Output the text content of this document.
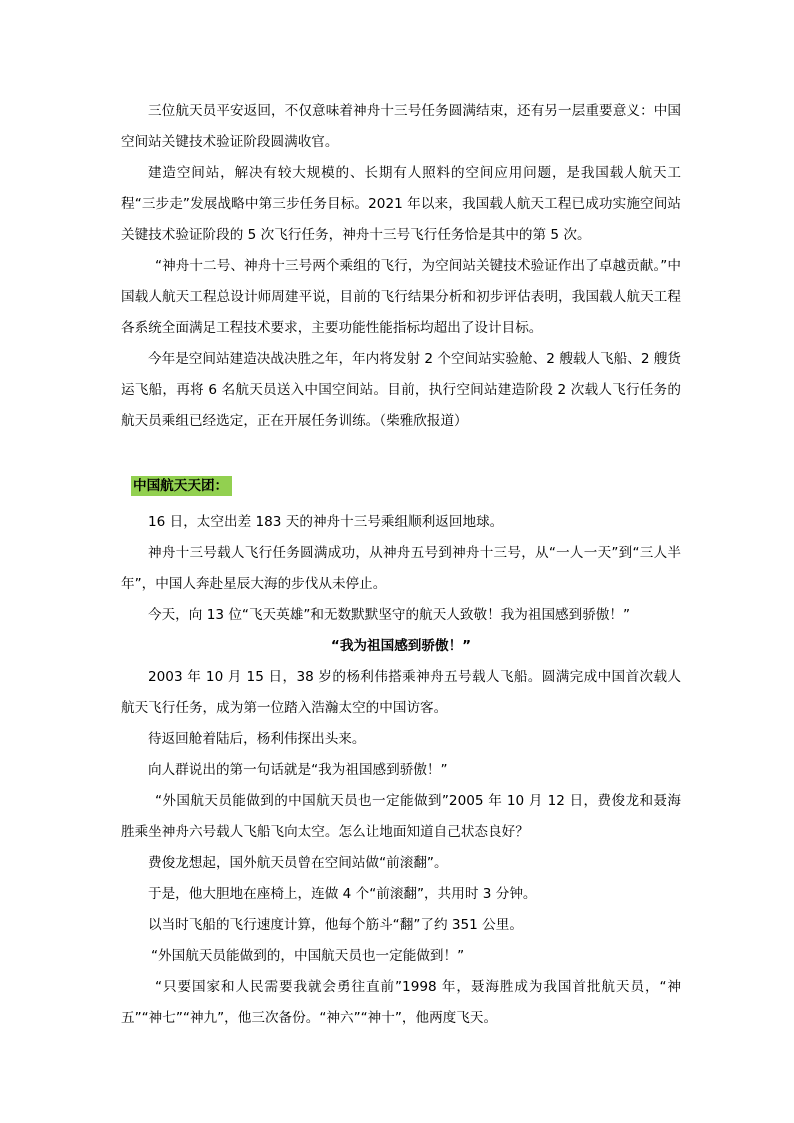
三位航天员平安返回，不仅意味着神舟十三号任务圆满结束，还有另一层重要意义：中国空间站关键技术验证阶段圆满收官。

建造空间站，解决有较大规模的、长期有人照料的空间应用问题，是我国载人航天工程“三步走”发展战略中第三步任务目标。2021 年以来，我国载人航天工程已成功实施空间站关键技术验证阶段的 5 次飞行任务，神舟十三号飞行任务恰是其中的第 5 次。

“神舟十二号、神舟十三号两个乘组的飞行，为空间站关键技术验证作出了卓越贡献。”中国载人航天工程总设计师周建平说，目前的飞行结果分析和初步评估表明，我国载人航天工程各系统全面满足工程技术要求，主要功能性能指标均超出了设计目标。

今年是空间站建造决战决胜之年，年内将发射 2 个空间站实验舱、2 艘载人飞船、2 艘货运飞船，再将 6 名航天员送入中国空间站。目前，执行空间站建造阶段 2 次载人飞行任务的航天员乘组已经选定，正在开展任务训练。（柴雅欣报道）

中国航天天团：

16 日，太空出差 183 天的神舟十三号乘组顺利返回地球。

神舟十三号载人飞行任务圆满成功，从神舟五号到神舟十三号，从“一人一天”到“三人半年”，中国人奔赴星辰大海的步伐从未停止。

今天，向 13 位“飞天英雄”和无数默默坚守的航天人致敬！我为祖国感到骄傲！”

“我为祖国感到骄傲！”

2003 年 10 月 15 日，38 岁的杨利伟搭乘神舟五号载人飞船。圆满完成中国首次载人航天飞行任务，成为第一位踏入浩瀚太空的中国访客。

待返回舱着陆后，杨利伟探出头来。

向人群说出的第一句话就是“我为祖国感到骄傲！”

“外国航天员能做到的中国航天员也一定能做到”2005 年 10 月 12 日，费俊龙和聂海胜乘坐神舟六号载人飞船飞向太空。怎么让地面知道自己状态良好？

费俊龙想起，国外航天员曾在空间站做“前滚翻”。

于是，他大胆地在座椅上，连做 4 个“前滚翻”，共用时 3 分钟。

以当时飞船的飞行速度计算，他每个筋斗“翻”了约 351 公里。

“外国航天员能做到的，中国航天员也一定能做到！”

“只要国家和人民需要我就会勇往直前”1998 年，聂海胜成为我国首批航天员，“神五”“神七”“神九”，他三次备份。“神六”“神十”，他两度飞天。
